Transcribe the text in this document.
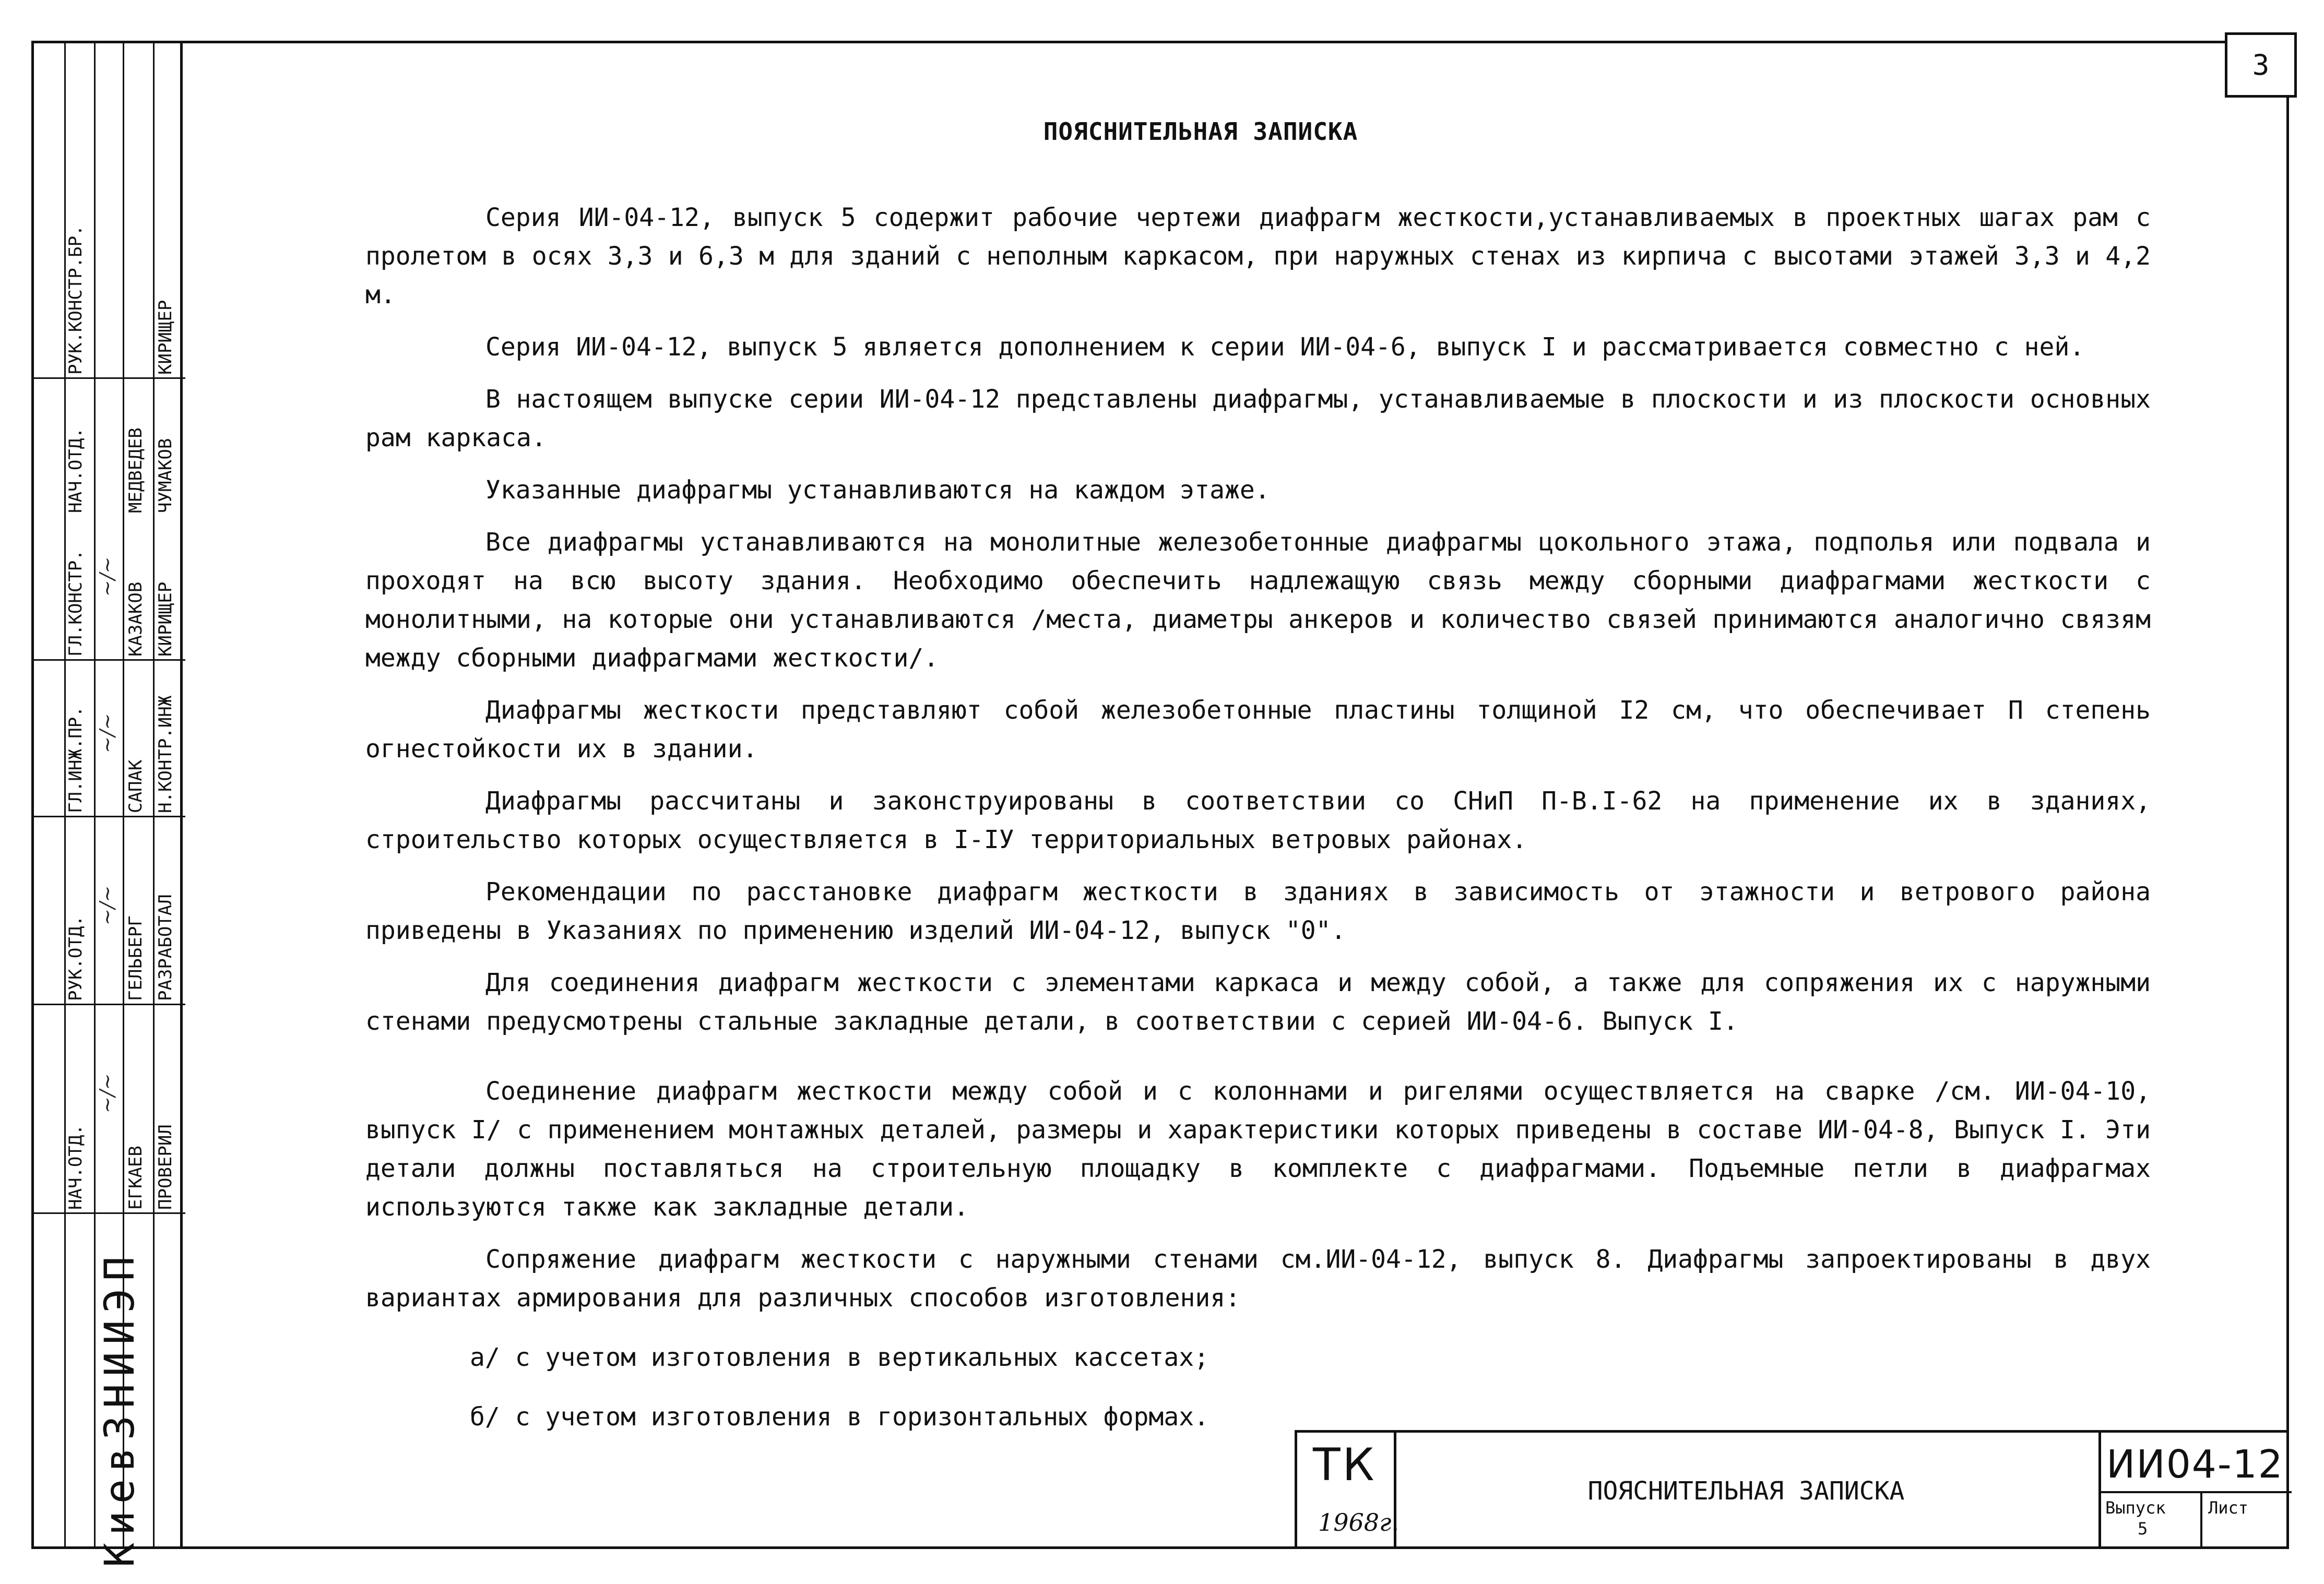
3
ПОЯСНИТЕЛЬНАЯ ЗАПИСКА

Серия ИИ-04-12, выпуск 5 содержит рабочие чертежи диафрагм жесткости,устанавливаемых в проектных шагах рам с пролетом в осях 3,3 и 6,3 м для зданий с неполным каркасом, при наружных стенах из кирпича с высотами этажей 3,3 и 4,2 м.

Серия ИИ-04-12, выпуск 5 является дополнением к серии ИИ-04-6, выпуск I и рассматривается совместно с ней.

В настоящем выпуске серии ИИ-04-12 представлены диафрагмы, устанавливаемые в плоскости и из плоскости основных рам каркаса.

Указанные диафрагмы устанавливаются на каждом этаже.

Все диафрагмы устанавливаются на монолитные железобетонные диафрагмы цокольного этажа, подполья или подвала и проходят на всю высоту здания. Необходимо обеспечить надлежащую связь между сборными диафрагмами жесткости с монолитными, на которые они устанавливаются /места, диаметры анкеров и количество связей принимаются аналогично связям между сборными диафрагмами жесткости/.

Диафрагмы жесткости представляют собой железобетонные пластины толщиной I2 см, что обеспечивает П степень огнестойкости их в здании.

Диафрагмы рассчитаны и законструированы в соответствии со СНиП П-В.I-62 на применение их в зданиях, строительство которых осуществляется в I-IУ территориальных ветровых районах.

Рекомендации по расстановке диафрагм жесткости в зданиях в зависимость от этажности и ветрового района приведены в Указаниях по применению изделий ИИ-04-12, выпуск "0".

Для соединения диафрагм жесткости с элементами каркаса и между собой, а также для сопряжения их с наружными стенами предусмотрены стальные закладные детали, в соответствии с серией ИИ-04-6. Выпуск I.

Соединение диафрагм жесткости между собой и с колоннами и ригелями осуществляется на сварке /см. ИИ-04-10, выпуск I/ с применением монтажных деталей, размеры и характеристики которых приведены в составе ИИ-04-8, Выпуск I. Эти детали должны поставляться на строительную площадку в комплекте с диафрагмами. Подъемные петли в диафрагмах используются также как закладные детали.

Сопряжение диафрагм жесткости с наружными стенами см.ИИ-04-12, выпуск 8. Диафрагмы запроектированы в двух вариантах армирования для различных способов изготовления:

а/ с учетом изготовления в вертикальных кассетах;
б/ с учетом изготовления в горизонтальных формах.
НАЧ.ОТД.
РУК.ОТД.
ГЛ.ИНЖ.ПР.
ГЛ.КОНСТР.
НАЧ.ОТД.
РУК.КОНСТР.БР.
ЕГКАЕВ
ГЕЛЬБЕРГ
САПАК
КАЗАКОВ
МЕДВЕДЕВ
ПРОВЕРИЛ
РАЗРАБОТАЛ
Н.КОНТР.ИНЖ
КИРИЩЕР
ЧУМАКОВ
КИРИЩЕР
~/~
~/~
~/~
~/~
КиевЗНИИЭП	ТК
1968г.
ПОЯСНИТЕЛЬНАЯ ЗАПИСКА
ИИ04-12
Выпуск
5
Лист
